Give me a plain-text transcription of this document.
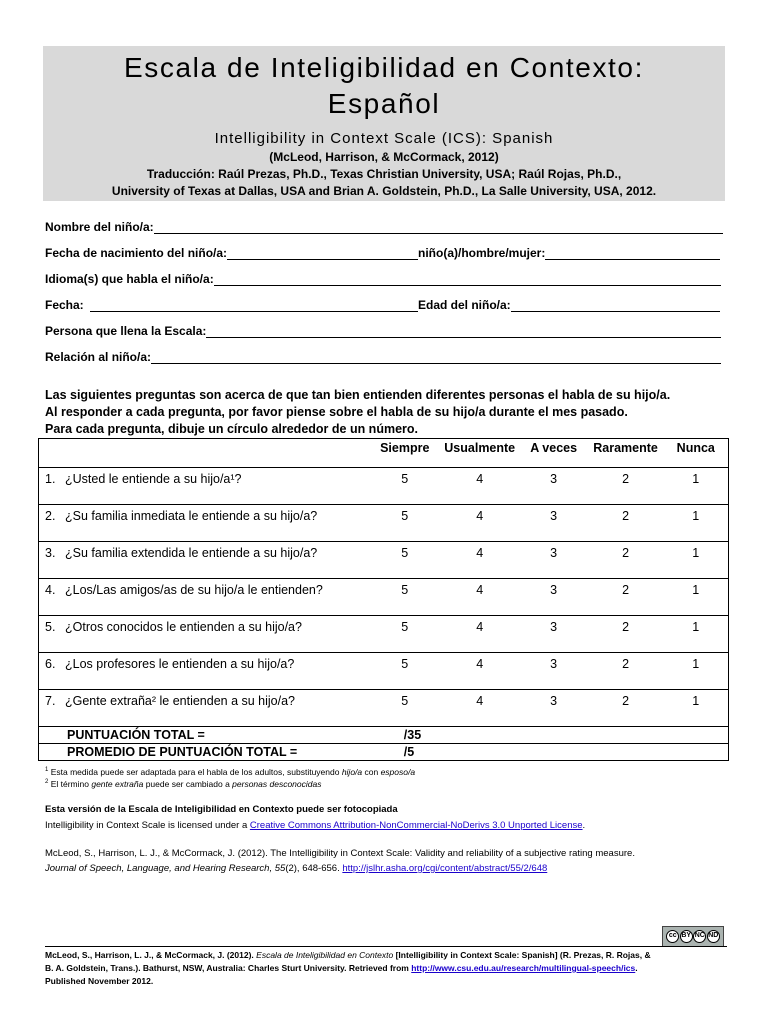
Escala de Inteligibilidad en Contexto:
Español
Intelligibility in Context Scale (ICS): Spanish
(McLeod, Harrison, & McCormack, 2012)
Traducción: Raúl Prezas, Ph.D., Texas Christian University, USA; Raúl Rojas, Ph.D.,
University of Texas at Dallas, USA and Brian A. Goldstein, Ph.D., La Salle University, USA, 2012.
Nombre del niño/a:
Fecha de nacimiento del niño/a:	niño(a)/hombre/mujer:
Idioma(s) que habla el niño/a:
Fecha:	Edad del niño/a:
Persona que llena la Escala:
Relación al niño/a:
Las siguientes preguntas son acerca de que tan bien entienden diferentes personas el habla de su hijo/a.
Al responder a cada pregunta, por favor piense sobre el habla de su hijo/a durante el mes pasado.
Para cada pregunta, dibuje un círculo alrededor de un número.
	Siempre	Usualmente	A veces	Raramente	Nunca
1. ¿Usted le entiende a su hijo/a¹?	5	4	3	2	1
2. ¿Su familia inmediata le entiende a su hijo/a?	5	4	3	2	1
3. ¿Su familia extendida le entiende a su hijo/a?	5	4	3	2	1
4. ¿Los/Las amigos/as de su hijo/a le entienden?	5	4	3	2	1
5. ¿Otros conocidos le entienden a su hijo/a?	5	4	3	2	1
6. ¿Los profesores le entienden a su hijo/a?	5	4	3	2	1
7. ¿Gente extraña² le entienden a su hijo/a?	5	4	3	2	1
PUNTUACIÓN TOTAL =	/35				
PROMEDIO DE PUNTUACIÓN TOTAL =	/5				
$^1$ Esta medida puede ser adaptada para el habla de los adultos, substituyendo hijo/a con esposo/a
$^2$ El término gente extraña puede ser cambiado a personas desconocidas
Esta versión de la Escala de Inteligibilidad en Contexto puede ser fotocopiada
Intelligibility in Context Scale is licensed under a Creative Commons Attribution-NonCommercial-NoDerivs 3.0 Unported License.
McLeod, S., Harrison, L. J., & McCormack, J. (2012). The Intelligibility in Context Scale: Validity and reliability of a subjective rating measure.
Journal of Speech, Language, and Hearing Research, 55(2), 648-656. http://jslhr.asha.org/cgi/content/abstract/55/2/648
cc BY NC ND
McLeod, S., Harrison, L. J., & McCormack, J. (2012). Escala de Inteligibilidad en Contexto [Intelligibility in Context Scale: Spanish] (R. Prezas, R. Rojas, &
B. A. Goldstein, Trans.). Bathurst, NSW, Australia: Charles Sturt University. Retrieved from http://www.csu.edu.au/research/multilingual-speech/ics.
Published November 2012.
